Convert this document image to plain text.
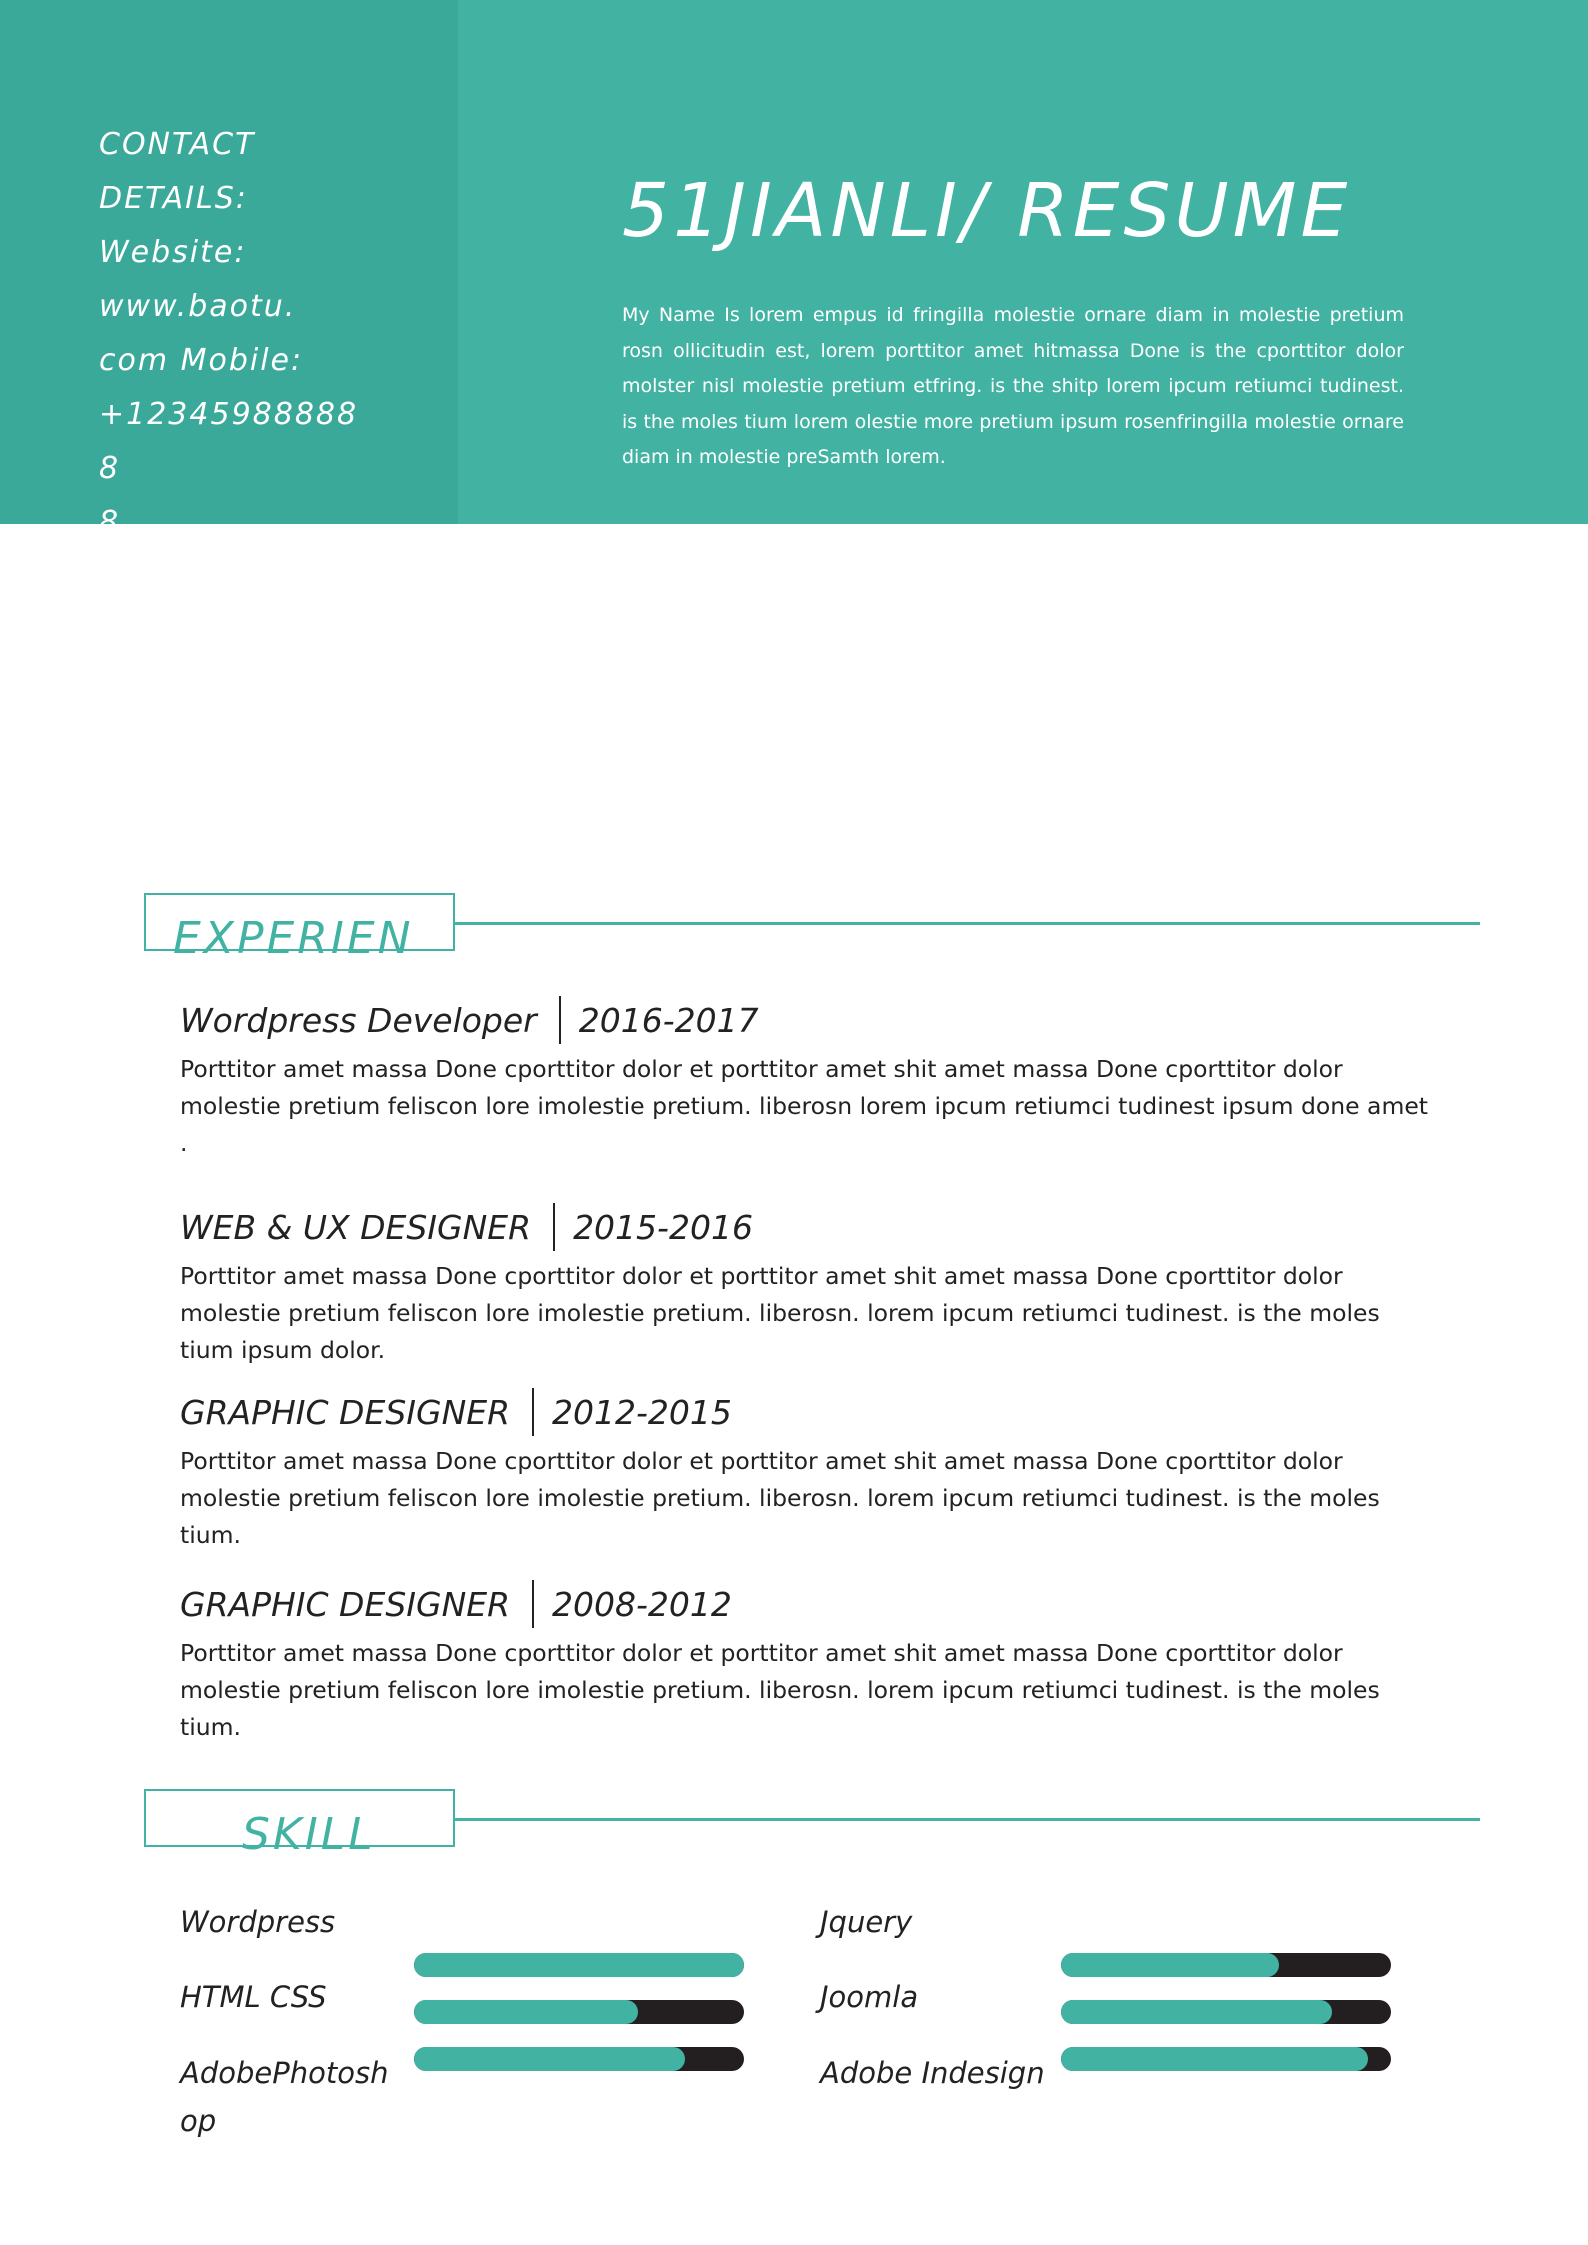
CONTACT
DETAILS:
Website:
www.baotu.
com Mobile:
+123459888888
8
Email:
51JIANLI/ RESUME

My Name Is lorem empus id fringilla molestie ornare diam in molestie pretium rosn ollicitudin est, lorem porttitor amet hitmassa Done is the cporttitor dolor molster nisl molestie pretium etfring. is the shitp lorem ipcum retiumci tudinest. is the moles tium lorem olestie more pretium ipsum rosenfringilla molestie ornare diam in molestie preSamth lorem.

EXPERIEN
Wordpress Developer 2016-2017

Porttitor amet massa Done cporttitor dolor et porttitor amet shit amet massa Done cporttitor dolor molestie pretium feliscon lore imolestie pretium. liberosn lorem ipcum retiumci tudinest ipsum done amet .

WEB & UX DESIGNER 2015-2016

Porttitor amet massa Done cporttitor dolor et porttitor amet shit amet massa Done cporttitor dolor molestie pretium feliscon lore imolestie pretium. liberosn. lorem ipcum retiumci tudinest. is the moles tium ipsum dolor.

GRAPHIC DESIGNER 2012-2015

Porttitor amet massa Done cporttitor dolor et porttitor amet shit amet massa Done cporttitor dolor molestie pretium feliscon lore imolestie pretium. liberosn. lorem ipcum retiumci tudinest. is the moles tium.

GRAPHIC DESIGNER 2008-2012

Porttitor amet massa Done cporttitor dolor et porttitor amet shit amet massa Done cporttitor dolor molestie pretium feliscon lore imolestie pretium. liberosn. lorem ipcum retiumci tudinest. is the moles tium.

SKILL
Wordpress
HTML CSS
AdobePhotoshop
Jquery
Joomla
Adobe Indesign
